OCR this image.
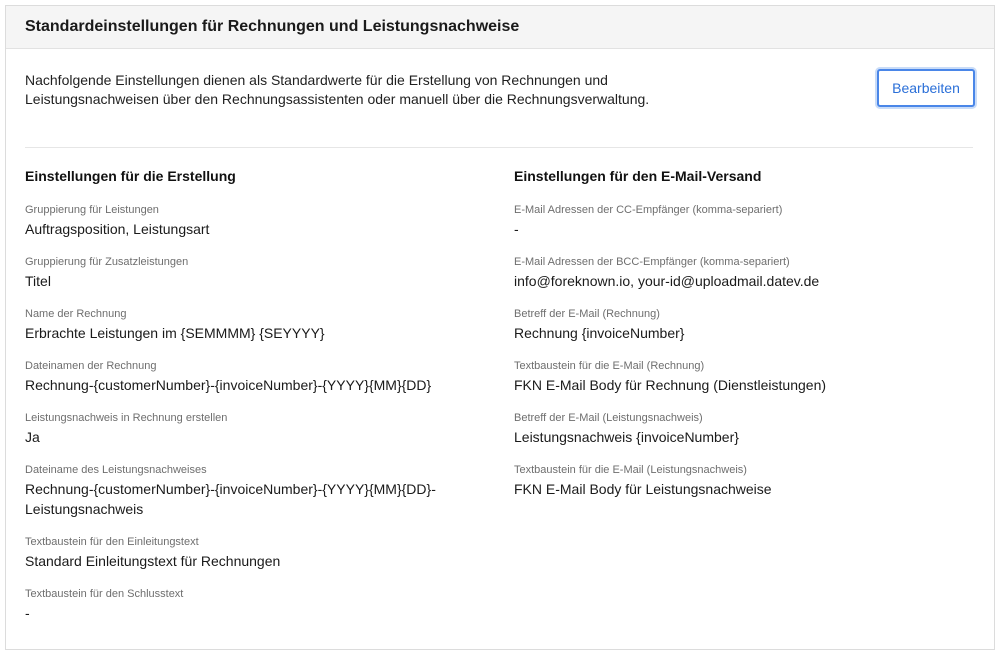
Standardeinstellungen für Rechnungen und Leistungsnachweise
Nachfolgende Einstellungen dienen als Standardwerte für die Erstellung von Rechnungen und Leistungsnachweisen über den Rechnungsassistenten oder manuell über die Rechnungsverwaltung.
Bearbeiten
Einstellungen für die Erstellung
Gruppierung für Leistungen
Auftragsposition, Leistungsart
Gruppierung für Zusatzleistungen
Titel
Name der Rechnung
Erbrachte Leistungen im {SEMMMM} {SEYYYY}
Dateinamen der Rechnung
Rechnung-{customerNumber}-{invoiceNumber}-{YYYY}{MM}{DD}
Leistungsnachweis in Rechnung erstellen
Ja
Dateiname des Leistungsnachweises
Rechnung-{customerNumber}-{invoiceNumber}-{YYYY}{MM}{DD}-Leistungsnachweis
Textbaustein für den Einleitungstext
Standard Einleitungstext für Rechnungen
Textbaustein für den Schlusstext
-
Einstellungen für den E-Mail-Versand
E-Mail Adressen der CC-Empfänger (komma-separiert)
-
E-Mail Adressen der BCC-Empfänger (komma-separiert)
info@foreknown.io, your-id@uploadmail.datev.de
Betreff der E-Mail (Rechnung)
Rechnung {invoiceNumber}
Textbaustein für die E-Mail (Rechnung)
FKN E-Mail Body für Rechnung (Dienstleistungen)
Betreff der E-Mail (Leistungsnachweis)
Leistungsnachweis {invoiceNumber}
Textbaustein für die E-Mail (Leistungsnachweis)
FKN E-Mail Body für Leistungsnachweise
